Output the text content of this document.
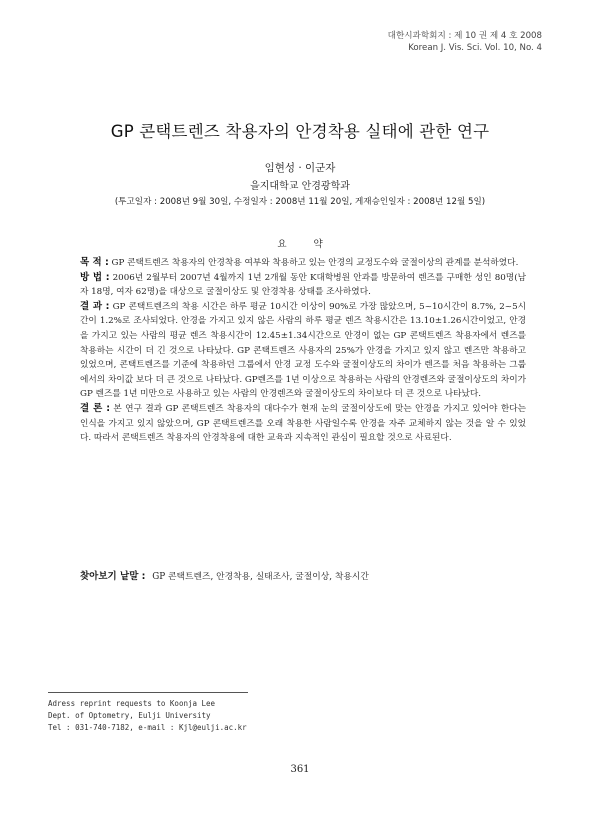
대한시과학회지 : 제 10 권 제 4 호 2008
Korean J. Vis. Sci. Vol. 10, No. 4
GP 콘택트렌즈 착용자의 안경착용 실태에 관한 연구
임현성 · 이군자
을지대학교 안경광학과
(투고일자 : 2008년 9월 30일, 수정일자 : 2008년 11월 20일, 게재승인일자 : 2008년 12월 5일)
요 약

목 적 : GP 콘택트렌즈 착용자의 안경착용 여부와 착용하고 있는 안경의 교정도수와 굴절이상의 관계를 분석하였다.

방 법 : 2006년 2월부터 2007년 4월까지 1년 2개월 동안 K대학병원 안과를 방문하여 렌즈를 구매한 성인 80명(남자 18명, 여자 62명)을 대상으로 굴절이상도 및 안경착용 상태를 조사하였다.

결 과 : GP 콘택트렌즈의 착용 시간은 하루 평균 10시간 이상이 90%로 가장 많았으며, 5~10시간이 8.7%, 2~5시간이 1.2%로 조사되었다. 안경을 가지고 있지 않은 사람의 하루 평균 렌즈 착용시간은 13.10±1.26시간이었고, 안경을 가지고 있는 사람의 평균 렌즈 착용시간이 12.45±1.34시간으로 안경이 없는 GP 콘택트렌즈 착용자에서 렌즈를 착용하는 시간이 더 긴 것으로 나타났다. GP 콘택트렌즈 사용자의 25%가 안경을 가지고 있지 않고 렌즈만 착용하고 있었으며, 콘택트렌즈를 기준에 착용하던 그룹에서 안경 교정 도수와 굴절이상도의 차이가 렌즈를 처음 착용하는 그룹에서의 차이값 보다 더 큰 것으로 나타났다. GP렌즈를 1년 이상으로 착용하는 사람의 안경렌즈와 굴절이상도의 차이가 GP 렌즈를 1년 미만으로 사용하고 있는 사람의 안경렌즈와 굴절이상도의 차이보다 더 큰 것으로 나타났다.

결 론 : 본 연구 결과 GP 콘택트렌즈 착용자의 대다수가 현재 눈의 굴절이상도에 맞는 안경을 가지고 있어야 한다는 인식을 가지고 있지 않았으며, GP 콘택트렌즈를 오래 착용한 사람일수록 안경을 자주 교체하지 않는 것을 알 수 있었다. 따라서 콘택트렌즈 착용자의 안경착용에 대한 교육과 지속적인 관심이 필요할 것으로 사료된다.

찾아보기 낱말 : GP 콘택트렌즈, 안경착용, 실태조사, 굴절이상, 착용시간
Adress reprint requests to Koonja Lee
Dept. of Optometry, Eulji University
Tel : 031-740-7182, e-mail : Kjl@eulji.ac.kr
361
